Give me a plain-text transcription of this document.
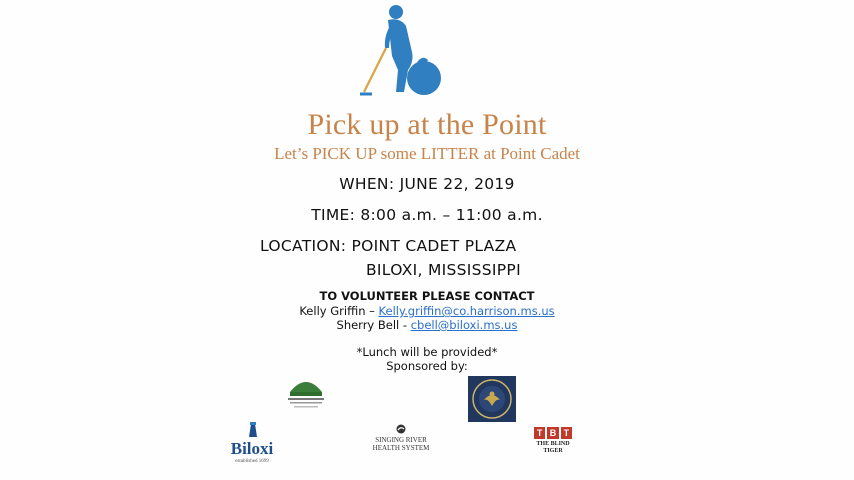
Pick up at the Point
Let’s PICK UP some LITTER at Point Cadet
WHEN: JUNE 22, 2019
TIME: 8:00 a.m. – 11:00 a.m.
LOCATION: POINT CADET PLAZA
BILOXI, MISSISSIPPI
TO VOLUNTEER PLEASE CONTACT
Kelly Griffin – Kelly.griffin@co.harrison.ms.us
Sherry Bell - cbell@biloxi.ms.us
*Lunch will be provided*
Sponsored by:
Biloxi
established 1699
SINGING RIVER
HEALTH SYSTEM
T B T
THE BLIND TIGER
